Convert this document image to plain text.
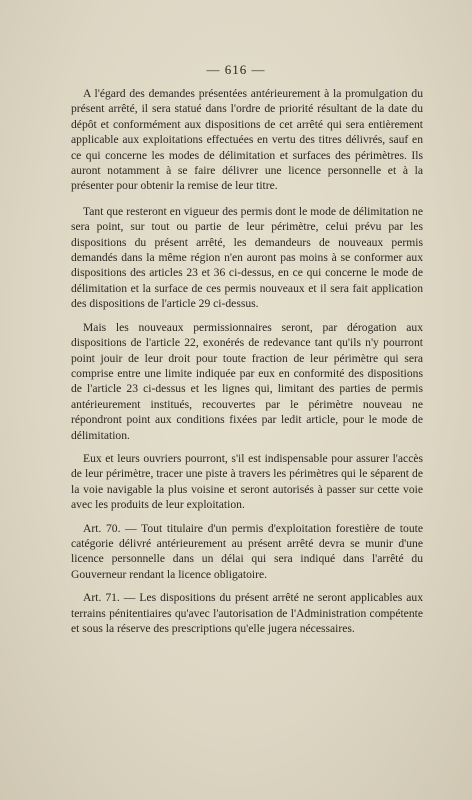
— 616 —

A l'égard des demandes présentées antérieurement à la promulgation du présent arrêté, il sera statué dans l'ordre de priorité résultant de la date du dépôt et conformément aux dispositions de cet arrêté qui sera entièrement applicable aux exploitations effectuées en vertu des titres délivrés, sauf en ce qui concerne les modes de délimitation et surfaces des périmètres. Ils auront notamment à se faire délivrer une licence personnelle et à la présenter pour obtenir la remise de leur titre.

Tant que resteront en vigueur des permis dont le mode de délimitation ne sera point, sur tout ou partie de leur périmètre, celui prévu par les dispositions du présent arrêté, les demandeurs de nouveaux permis demandés dans la même région n'en auront pas moins à se conformer aux dispositions des articles 23 et 36 ci-dessus, en ce qui concerne le mode de délimitation et la surface de ces permis nouveaux et il sera fait application des dispositions de l'article 29 ci-dessus.

Mais les nouveaux permissionnaires seront, par dérogation aux dispositions de l'article 22, exonérés de redevance tant qu'ils n'y pourront point jouir de leur droit pour toute fraction de leur périmètre qui sera comprise entre une limite indiquée par eux en conformité des dispositions de l'article 23 ci-dessus et les lignes qui, limitant des parties de permis antérieurement institués, recouvertes par le périmètre nouveau ne répondront point aux conditions fixées par ledit article, pour le mode de délimitation.

Eux et leurs ouvriers pourront, s'il est indispensable pour assurer l'accès de leur périmètre, tracer une piste à travers les périmètres qui le séparent de la voie navigable la plus voisine et seront autorisés à passer sur cette voie avec les produits de leur exploitation.

Art. 70. — Tout titulaire d'un permis d'exploitation forestière de toute catégorie délivré antérieurement au présent arrêté devra se munir d'une licence personnelle dans un délai qui sera indiqué dans l'arrêté du Gouverneur rendant la licence obligatoire.

Art. 71. — Les dispositions du présent arrêté ne seront applicables aux terrains pénitentiaires qu'avec l'autorisation de l'Administration compétente et sous la réserve des prescriptions qu'elle jugera nécessaires.
